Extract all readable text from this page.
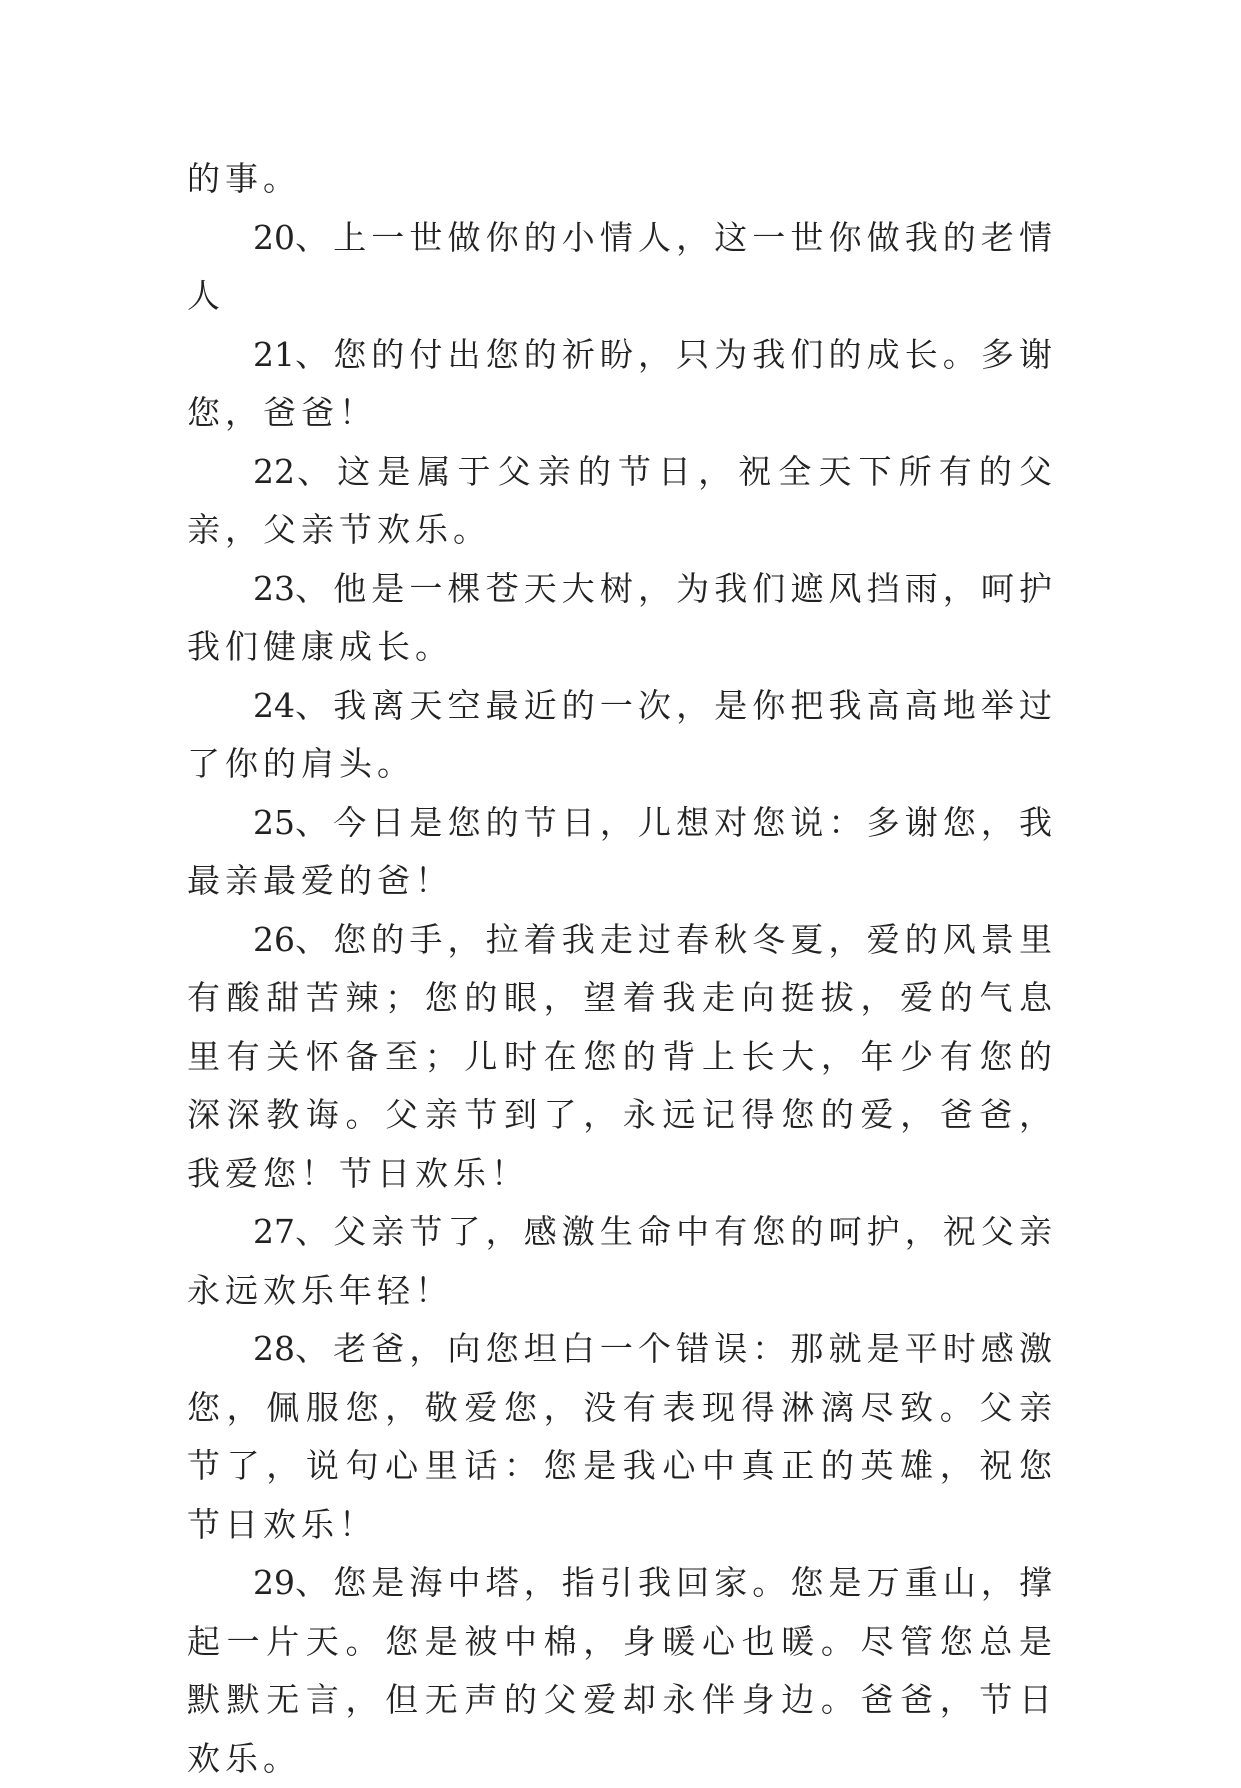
的事。

20、上一世做你的小情人，这一世你做我的老情人

21、您的付出您的祈盼，只为我们的成长。多谢您，爸爸！

22、这是属于父亲的节日，祝全天下所有的父亲，父亲节欢乐。

23、他是一棵苍天大树，为我们遮风挡雨，呵护我们健康成长。

24、我离天空最近的一次，是你把我高高地举过了你的肩头。

25、今日是您的节日，儿想对您说：多谢您，我最亲最爱的爸！

26、您的手，拉着我走过春秋冬夏，爱的风景里有酸甜苦辣；您的眼，望着我走向挺拔，爱的气息里有关怀备至；儿时在您的背上长大，年少有您的深深教诲。父亲节到了，永远记得您的爱，爸爸，我爱您！节日欢乐！

27、父亲节了，感激生命中有您的呵护，祝父亲永远欢乐年轻！

28、老爸，向您坦白一个错误：那就是平时感激您，佩服您，敬爱您，没有表现得淋漓尽致。父亲节了，说句心里话：您是我心中真正的英雄，祝您节日欢乐！

29、您是海中塔，指引我回家。您是万重山，撑起一片天。您是被中棉，身暖心也暖。尽管您总是默默无言，但无声的父爱却永伴身边。爸爸，节日欢乐。
